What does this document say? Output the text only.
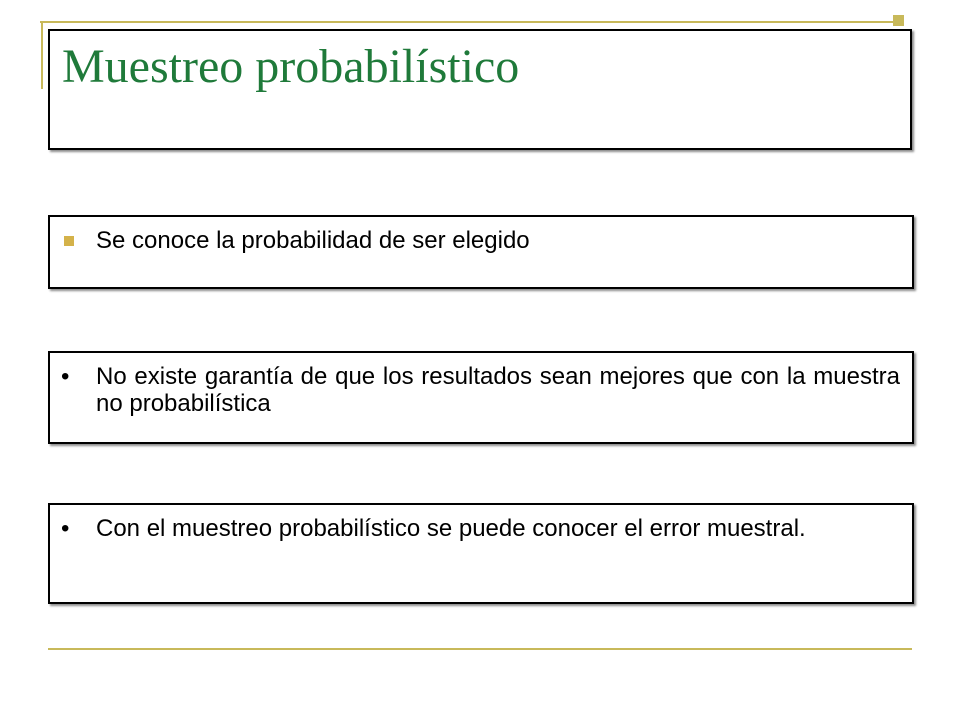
Muestreo probabilístico
Se conoce la probabilidad de ser elegido
•	No existe garantía de que los resultados sean mejores que con la muestra no probabilística
•	Con el muestreo probabilístico se puede conocer el error muestral.
